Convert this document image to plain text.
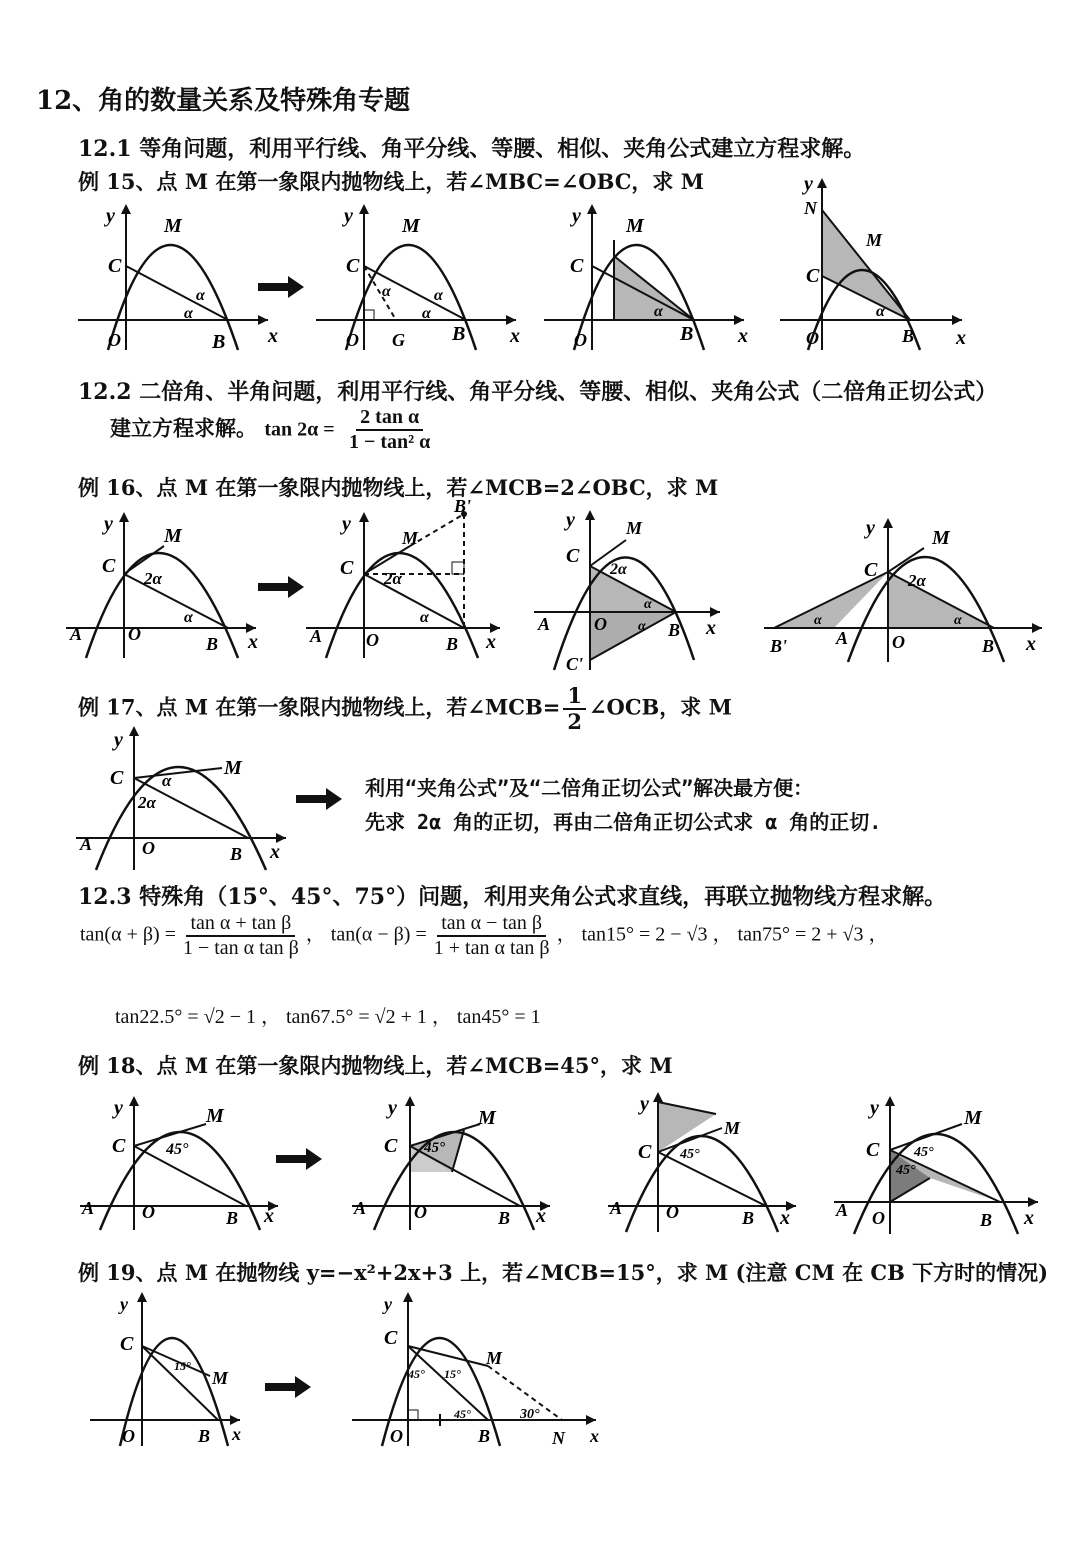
12、角的数量关系及特殊角专题
12.1 等角问题，利用平行线、角平分线、等腰、相似、夹角公式建立方程求解。
例 15、点 M 在第一象限内抛物线上，若∠MBC=∠OBC，求 M
12.2 二倍角、半角问题，利用平行线、角平分线、等腰、相似、夹角公式（二倍角正切公式）
建立方程求解。 $\tan 2\alpha = \frac{\text{2 tan α}}{\text{1 − tan² α}}$
例 16、点 M 在第一象限内抛物线上，若∠MCB=2∠OBC，求 M
例 17、点 M 在第一象限内抛物线上，若∠MCB= $\frac{1}{2}$ ∠OCB，求 M
利用“夹角公式”及“二倍角正切公式”解决最方便：
先求 2α 角的正切，再由二倍角正切公式求 α 角的正切.
12.3 特殊角（15°、45°、75°）问题，利用夹角公式求直线，再联立抛物线方程求解。
$\tan(\alpha + \beta) = \frac{\text{tan α + tan β}}{\text{1 − tan α tan β}}$ ， $\tan(\alpha - \beta) = \frac{\text{tan α − tan β}}{\text{1 + tan α tan β}}$ ， tan15° = 2 − √3 ， tan75° = 2 + √3 ，
tan22.5° = √2 − 1 ， tan67.5° = √2 + 1 ， tan45° = 1
例 18、点 M 在第一象限内抛物线上，若∠MCB=45°，求 M
例 19、点 M 在抛物线 y=−x²+2x+3 上，若∠MCB=15°，求 M (注意 CM 在 CB 下方时的情况)
y
x
O	B
C
M
α
α
y
x
O G B
C
M
α	α
α
y
x
O	B
C
M
α
y
x
N
C
M
O	B
α
y
x
A	O	B
C
M
2α
α
y
x
A O	B
C
M
B'
2α
α
y
x
A O	B
C
C'
M
2α
α
α
y
x
A O	B
B'
C
M
2α
α	α
y
x
A	O	B
C	M
α
2α
y
x
A	O	B
C
M
45°
y
x
A	O	B
C
M
45°
y
x
A O	B
C
M
45°
y
x
A O	B
C
M
45°
45°
y
x
O	B
C
M
15°
y
x
O	B	N
C
M
45° 15°
45°	30°
